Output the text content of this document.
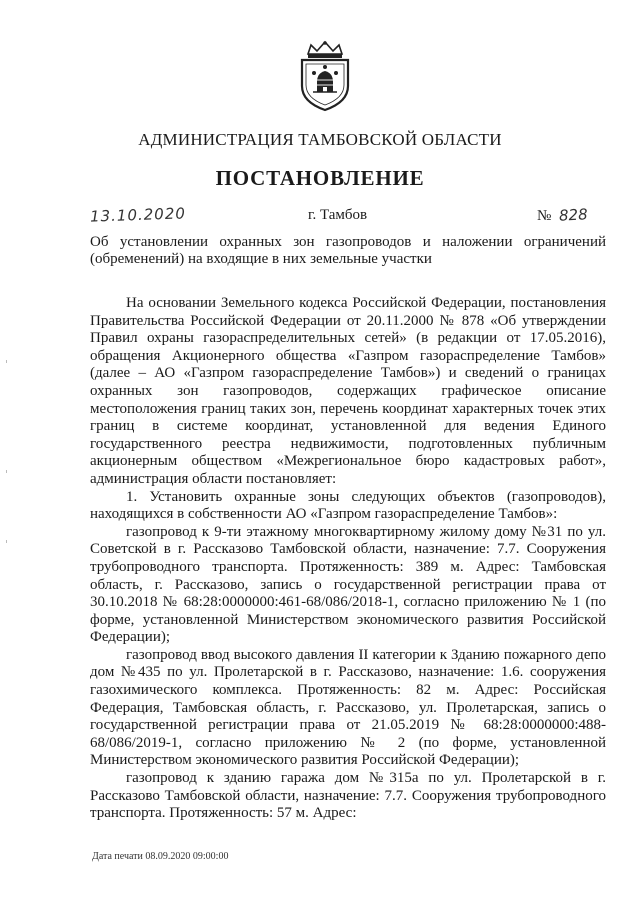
АДМИНИСТРАЦИЯ ТАМБОВСКОЙ ОБЛАСТИ
ПОСТАНОВЛЕНИЕ
13.10.2020	г. Тамбов	№ 828
Об установлении охранных зон газопроводов и наложении ограничений (обременений) на входящие в них земельные участки

На основании Земельного кодекса Российской Федерации, постановления Правительства Российской Федерации от 20.11.2000 № 878 «Об утверждении Правил охраны газораспределительных сетей» (в редакции от 17.05.2016), обращения Акционерного общества «Газпром газораспределение Тамбов» (далее – АО «Газпром газораспределение Тамбов») и сведений о границах охранных зон газопроводов, содержащих графическое описание местоположения границ таких зон, перечень координат характерных точек этих границ в системе координат, установленной для ведения Единого государственного реестра недвижимости, подготовленных публичным акционерным обществом «Межрегиональное бюро кадастровых работ», администрация области постановляет:

1. Установить охранные зоны следующих объектов (газопроводов), находящихся в собственности АО «Газпром газораспределение Тамбов»:

газопровод к 9-ти этажному многоквартирному жилому дому №31 по ул. Советской в г. Рассказово Тамбовской области, назначение: 7.7. Сооружения трубопроводного транспорта. Протяженность: 389 м. Адрес: Тамбовская область, г. Рассказово, запись о государственной регистрации права от 30.10.2018 № 68:28:0000000:461-68/086/2018-1, согласно приложению № 1 (по форме, установленной Министерством экономического развития Российской Федерации);

газопровод ввод высокого давления II категории к Зданию пожарного депо дом №435 по ул. Пролетарской в г. Рассказово, назначение: 1.6. сооружения газохимического комплекса. Протяженность: 82 м. Адрес: Российская Федерация, Тамбовская область, г. Рассказово, ул. Пролетарская, запись о государственной регистрации права от 21.05.2019 № 68:28:0000000:488-68/086/2019-1, согласно приложению № 2 (по форме, установленной Министерством экономического развития Российской Федерации);

газопровод к зданию гаража дом №315а по ул. Пролетарской в г. Рассказово Тамбовской области, назначение: 7.7. Сооружения трубопроводного транспорта. Протяженность: 57 м. Адрес:

Дата печати 08.09.2020 09:00:00
